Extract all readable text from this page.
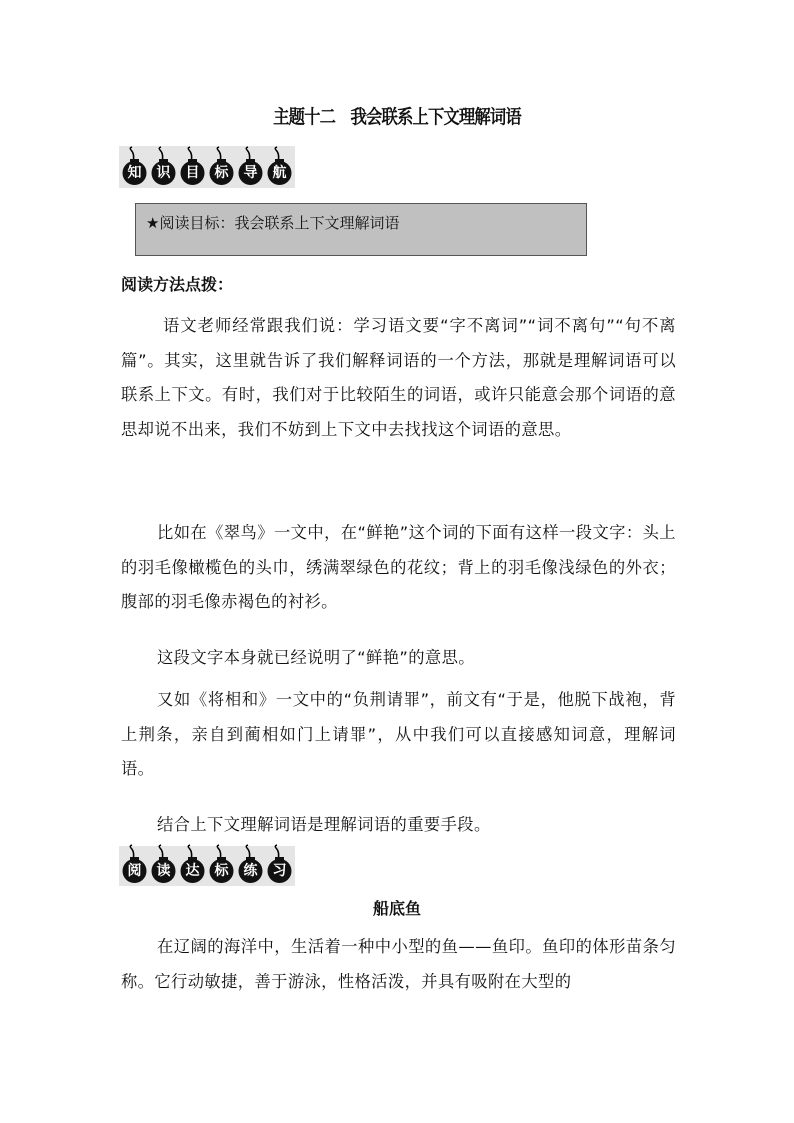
主题十二　我会联系上下文理解词语
知	识	目	标	导	航
★阅读目标：我会联系上下文理解词语
阅读方法点拨：
语文老师经常跟我们说：学习语文要“字不离词”“词不离句”“句不离篇”。其实，这里就告诉了我们解释词语的一个方法，那就是理解词语可以联系上下文。有时，我们对于比较陌生的词语，或许只能意会那个词语的意思却说不出来，我们不妨到上下文中去找找这个词语的意思。
比如在《翠鸟》一文中，在“鲜艳”这个词的下面有这样一段文字：头上的羽毛像橄榄色的头巾，绣满翠绿色的花纹；背上的羽毛像浅绿色的外衣；腹部的羽毛像赤褐色的衬衫。
这段文字本身就已经说明了“鲜艳”的意思。
又如《将相和》一文中的“负荆请罪”，前文有“于是，他脱下战袍，背上荆条，亲自到蔺相如门上请罪”，从中我们可以直接感知词意，理解词语。
结合上下文理解词语是理解词语的重要手段。
阅	读	达	标	练	习
船底鱼
在辽阔的海洋中，生活着一种中小型的鱼——鱼印。鱼印的体形苗条匀称。它行动敏捷，善于游泳，性格活泼，并具有吸附在大型的
